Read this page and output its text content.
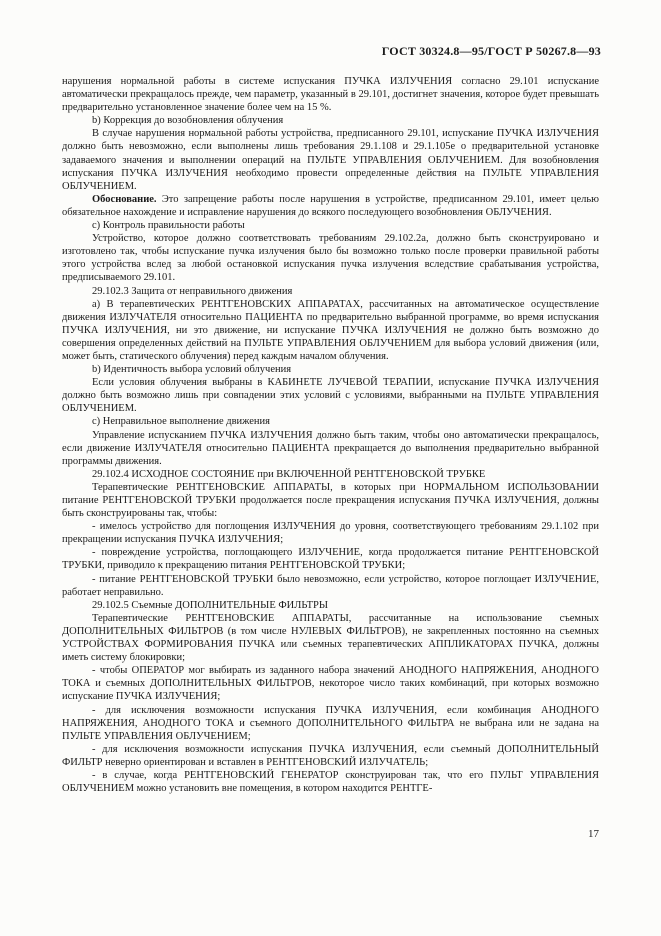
ГОСТ 30324.8—95/ГОСТ Р 50267.8—93

нарушения нормальной работы в системе испускания ПУЧКА ИЗЛУЧЕНИЯ согласно 29.101 испускание автоматически прекращалось прежде, чем параметр, указанный в 29.101, достигнет значения, которое будет превышать предварительно установленное значение более чем на 15 %.

b) Коррекция до возобновления облучения

В случае нарушения нормальной работы устройства, предписанного 29.101, испускание ПУЧКА ИЗЛУЧЕНИЯ должно быть невозможно, если выполнены лишь требования 29.1.108 и 29.1.105е о предварительной установке задаваемого значения и выполнении операций на ПУЛЬТЕ УПРАВЛЕНИЯ ОБЛУЧЕНИЕМ. Для возобновления испускания ПУЧКА ИЗЛУЧЕНИЯ необходимо провести определенные действия на ПУЛЬТЕ УПРАВЛЕНИЯ ОБЛУЧЕНИЕМ.

Обоснование. Это запрещение работы после нарушения в устройстве, предписанном 29.101, имеет целью обязательное нахождение и исправление нарушения до всякого последующего возобновления ОБЛУЧЕНИЯ.

c) Контроль правильности работы

Устройство, которое должно соответствовать требованиям 29.102.2а, должно быть сконструировано и изготовлено так, чтобы испускание пучка излучения было бы возможно только после проверки правильной работы этого устройства вслед за любой остановкой испускания пучка излучения вследствие срабатывания устройства, предписываемого 29.101.

29.102.3 Защита от неправильного движения

а) В терапевтических РЕНТГЕНОВСКИХ АППАРАТАХ, рассчитанных на автоматическое осуществление движения ИЗЛУЧАТЕЛЯ относительно ПАЦИЕНТА по предварительно выбранной программе, во время испускания ПУЧКА ИЗЛУЧЕНИЯ, ни это движение, ни испускание ПУЧКА ИЗЛУЧЕНИЯ не должно быть возможно до совершения определенных действий на ПУЛЬТЕ УПРАВЛЕНИЯ ОБЛУЧЕНИЕМ для выбора условий движения (или, может быть, статического облучения) перед каждым началом облучения.

b) Идентичность выбора условий облучения

Если условия облучения выбраны в КАБИНЕТЕ ЛУЧЕВОЙ ТЕРАПИИ, испускание ПУЧКА ИЗЛУЧЕНИЯ должно быть возможно лишь при совпадении этих условий с условиями, выбранными на ПУЛЬТЕ УПРАВЛЕНИЯ ОБЛУЧЕНИЕМ.

c) Неправильное выполнение движения

Управление испусканием ПУЧКА ИЗЛУЧЕНИЯ должно быть таким, чтобы оно автоматически прекращалось, если движение ИЗЛУЧАТЕЛЯ относительно ПАЦИЕНТА прекращается до выполнения предварительно выбранной программы движения.

29.102.4 ИСХОДНОЕ СОСТОЯНИЕ при ВКЛЮЧЕННОЙ РЕНТГЕНОВСКОЙ ТРУБКЕ

Терапевтические РЕНТГЕНОВСКИЕ АППАРАТЫ, в которых при НОРМАЛЬНОМ ИСПОЛЬЗОВАНИИ питание РЕНТГЕНОВСКОЙ ТРУБКИ продолжается после прекращения испускания ПУЧКА ИЗЛУЧЕНИЯ, должны быть сконструированы так, чтобы:

- имелось устройство для поглощения ИЗЛУЧЕНИЯ до уровня, соответствующего требованиям 29.1.102 при прекращении испускания ПУЧКА ИЗЛУЧЕНИЯ;

- повреждение устройства, поглощающего ИЗЛУЧЕНИЕ, когда продолжается питание РЕНТГЕНОВСКОЙ ТРУБКИ, приводило к прекращению питания РЕНТГЕНОВСКОЙ ТРУБКИ;

- питание РЕНТГЕНОВСКОЙ ТРУБКИ было невозможно, если устройство, которое поглощает ИЗЛУЧЕНИЕ, работает неправильно.

29.102.5 Съемные ДОПОЛНИТЕЛЬНЫЕ ФИЛЬТРЫ

Терапевтические РЕНТГЕНОВСКИЕ АППАРАТЫ, рассчитанные на использование съемных ДОПОЛНИТЕЛЬНЫХ ФИЛЬТРОВ (в том числе НУЛЕВЫХ ФИЛЬТРОВ), не закрепленных постоянно на съемных УСТРОЙСТВАХ ФОРМИРОВАНИЯ ПУЧКА или съемных терапевтических АППЛИКАТОРАХ ПУЧКА, должны иметь систему блокировки;

- чтобы ОПЕРАТОР мог выбирать из заданного набора значений АНОДНОГО НАПРЯЖЕНИЯ, АНОДНОГО ТОКА и съемных ДОПОЛНИТЕЛЬНЫХ ФИЛЬТРОВ, некоторое число таких комбинаций, при которых возможно испускание ПУЧКА ИЗЛУЧЕНИЯ;

- для исключения возможности испускания ПУЧКА ИЗЛУЧЕНИЯ, если комбинация АНОДНОГО НАПРЯЖЕНИЯ, АНОДНОГО ТОКА и съемного ДОПОЛНИТЕЛЬНОГО ФИЛЬТРА не выбрана или не задана на ПУЛЬТЕ УПРАВЛЕНИЯ ОБЛУЧЕНИЕМ;

- для исключения возможности испускания ПУЧКА ИЗЛУЧЕНИЯ, если съемный ДОПОЛНИТЕЛЬНЫЙ ФИЛЬТР неверно ориентирован и вставлен в РЕНТГЕНОВСКИЙ ИЗЛУЧАТЕЛЬ;

- в случае, когда РЕНТГЕНОВСКИЙ ГЕНЕРАТОР сконструирован так, что его ПУЛЬТ УПРАВЛЕНИЯ ОБЛУЧЕНИЕМ можно установить вне помещения, в котором находится РЕНТГЕ-

17
